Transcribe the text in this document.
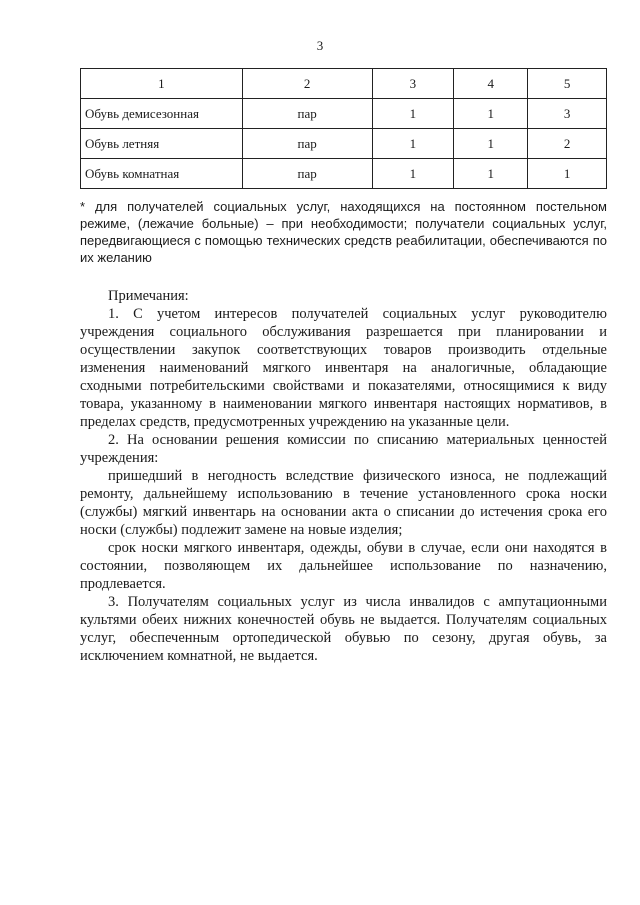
3
1	2	3	4	5
Обувь демисезонная	пар	1	1	3
Обувь летняя	пар	1	1	2
Обувь комнатная	пар	1	1	1

* для получателей социальных услуг, находящихся на постоянном постельном режиме, (лежачие больные) – при необходимости; получатели социальных услуг, передвигающиеся с помощью технических средств реабилитации, обеспечиваются по их желанию

Примечания:

1. С учетом интересов получателей социальных услуг руководителю учреждения социального обслуживания разрешается при планировании и осуществлении закупок соответствующих товаров производить отдельные изменения наименований мягкого инвентаря на аналогичные, обладающие сходными потребительскими свойствами и показателями, относящимися к виду товара, указанному в наименовании мягкого инвентаря настоящих нормативов, в пределах средств, предусмотренных учреждению на указанные цели.

2. На основании решения комиссии по списанию материальных ценностей учреждения:

пришедший в негодность вследствие физического износа, не подлежащий ремонту, дальнейшему использованию в течение установленного срока носки (службы) мягкий инвентарь на основании акта о списании до истечения срока его носки (службы) подлежит замене на новые изделия;

срок носки мягкого инвентаря, одежды, обуви в случае, если они находятся в состоянии, позволяющем их дальнейшее использование по назначению, продлевается.

3. Получателям социальных услуг из числа инвалидов с ампутационными культями обеих нижних конечностей обувь не выдается. Получателям социальных услуг, обеспеченным ортопедической обувью по сезону, другая обувь, за исключением комнатной, не выдается.
